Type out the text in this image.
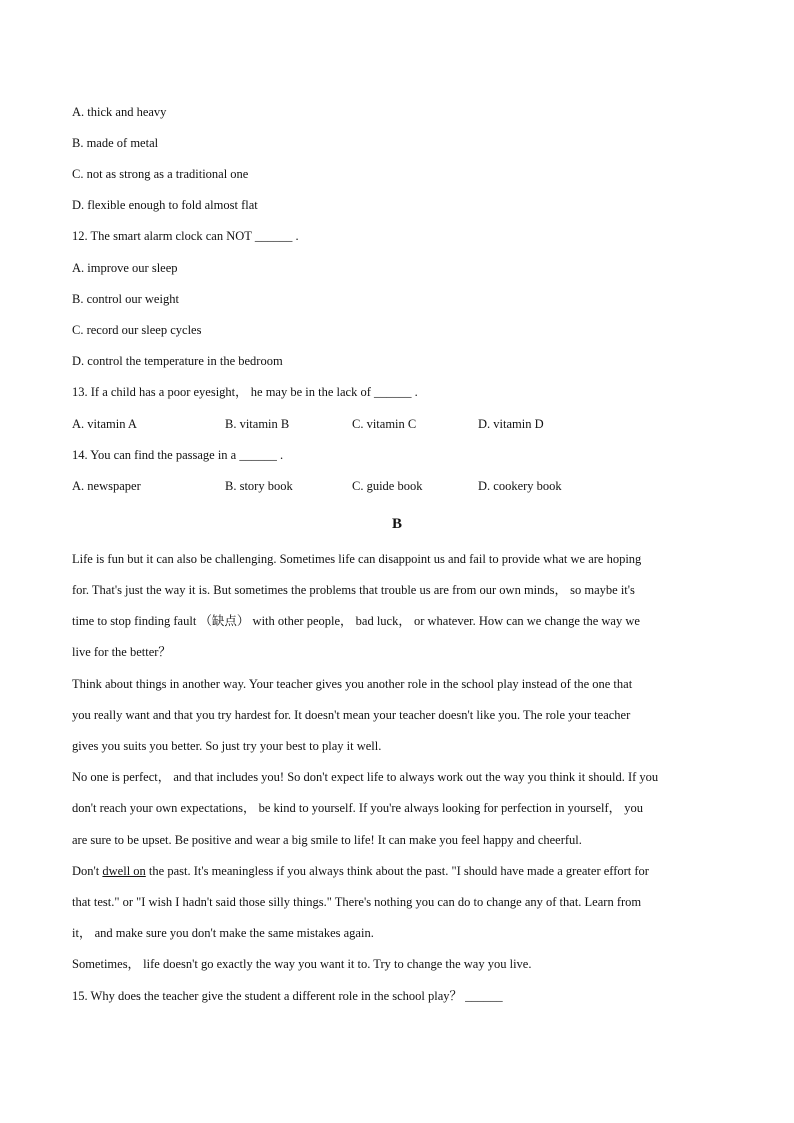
A. thick and heavy

B. made of metal

C. not as strong as a traditional one

D. flexible enough to fold almost flat

12. The smart alarm clock can NOT ______ .

A. improve our sleep

B. control our weight

C. record our sleep cycles

D. control the temperature in the bedroom

13. If a child has a poor eyesight， he may be in the lack of ______ .

A. vitamin A	B. vitamin B	C. vitamin C	D. vitamin D

14. You can find the passage in a ______ .

A. newspaper	B. story book	C. guide book	D. cookery book
B

Life is fun but it can also be challenging. Sometimes life can disappoint us and fail to provide what we are hoping

for. That's just the way it is. But sometimes the problems that trouble us are from our own minds， so maybe it's

time to stop finding fault （缺点） with other people， bad luck， or whatever. How can we change the way we

live for the better？

Think about things in another way. Your teacher gives you another role in the school play instead of the one that

you really want and that you try hardest for. It doesn't mean your teacher doesn't like you. The role your teacher

gives you suits you better. So just try your best to play it well.

No one is perfect， and that includes you! So don't expect life to always work out the way you think it should. If you

don't reach your own expectations， be kind to yourself. If you're always looking for perfection in yourself， you

are sure to be upset. Be positive and wear a big smile to life! It can make you feel happy and cheerful.

Don't dwell on the past. It's meaningless if you always think about the past. "I should have made a greater effort for

that test." or "I wish I hadn't said those silly things." There's nothing you can do to change any of that. Learn from

it， and make sure you don't make the same mistakes again.

Sometimes， life doesn't go exactly the way you want it to. Try to change the way you live.

15. Why does the teacher give the student a different role in the school play？ ______
